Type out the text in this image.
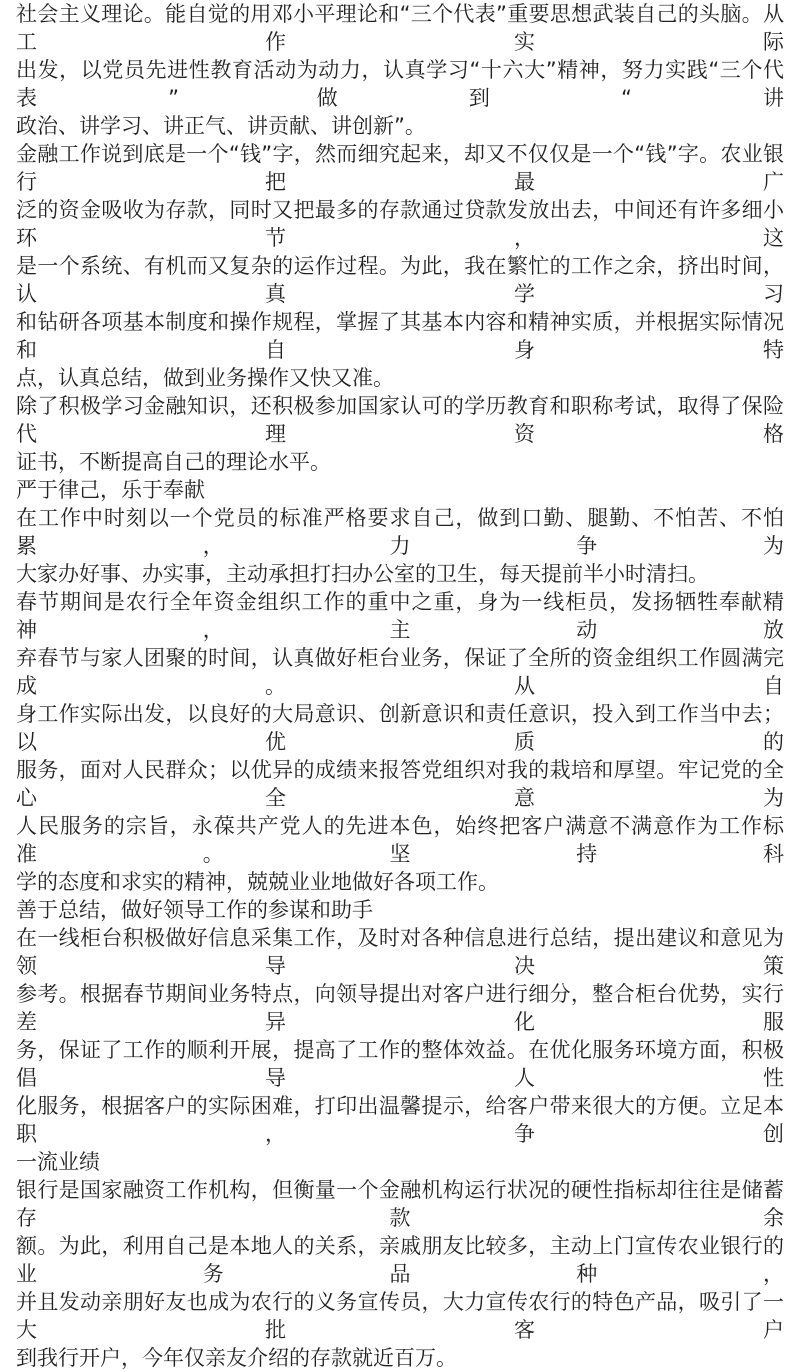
社会主义理论。能自觉的用邓小平理论和“三个代表”重要思想武装自己的头脑。从工作实际
出发，以党员先进性教育活动为动力，认真学习“十六大”精神，努力实践“三个代表” 做到“讲
政治、讲学习、讲正气、讲贡献、讲创新”。
金融工作说到底是一个“钱”字，然而细究起来，却又不仅仅是一个“钱”字。农业银行把最广
泛的资金吸收为存款，同时又把最多的存款通过贷款发放出去，中间还有许多细小环节，这
是一个系统、有机而又复杂的运作过程。为此，我在繁忙的工作之余，挤出时间，认真学习
和钻研各项基本制度和操作规程，掌握了其基本内容和精神实质，并根据实际情况和自身特
点，认真总结，做到业务操作又快又准。
除了积极学习金融知识，还积极参加国家认可的学历教育和职称考试，取得了保险代理资格
证书，不断提高自己的理论水平。
严于律己，乐于奉献
在工作中时刻以一个党员的标准严格要求自己，做到口勤、腿勤、不怕苦、不怕累，力争为
大家办好事、办实事，主动承担打扫办公室的卫生，每天提前半小时清扫。
春节期间是农行全年资金组织工作的重中之重，身为一线柜员，发扬牺牲奉献精神，主动放
弃春节与家人团聚的时间，认真做好柜台业务，保证了全所的资金组织工作圆满完成。从自
身工作实际出发，以良好的大局意识、创新意识和责任意识，投入到工作当中去；以优质的
服务，面对人民群众；以优异的成绩来报答党组织对我的栽培和厚望。牢记党的全心全意为
人民服务的宗旨，永葆共产党人的先进本色，始终把客户满意不满意作为工作标准。坚持科
学的态度和求实的精神，兢兢业业地做好各项工作。
善于总结，做好领导工作的参谋和助手
在一线柜台积极做好信息采集工作，及时对各种信息进行总结，提出建议和意见为领导决策
参考。根据春节期间业务特点，向领导提出对客户进行细分，整合柜台优势，实行差异化服
务，保证了工作的顺利开展，提高了工作的整体效益。在优化服务环境方面，积极倡导人性
化服务，根据客户的实际困难，打印出温馨提示，给客户带来很大的方便。立足本职，争创
一流业绩
银行是国家融资工作机构，但衡量一个金融机构运行状况的硬性指标却往往是储蓄存款余
额。为此，利用自己是本地人的关系，亲戚朋友比较多，主动上门宣传农业银行的业务品种，
并且发动亲朋好友也成为农行的义务宣传员，大力宣传农行的特色产品，吸引了一大批客户
到我行开户，今年仅亲友介绍的存款就近百万。
